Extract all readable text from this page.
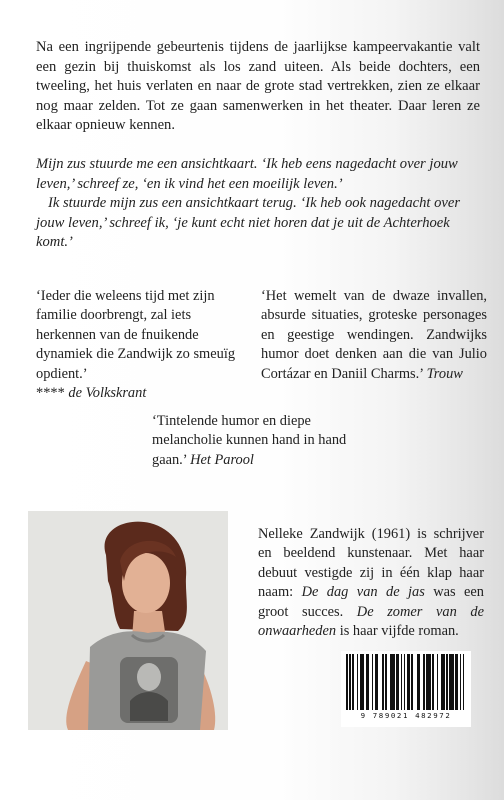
Na een ingrijpende gebeurtenis tijdens de jaarlijkse kampeervakantie valt een gezin bij thuiskomst als los zand uiteen. Als beide dochters, een tweeling, het huis verlaten en naar de grote stad vertrekken, zien ze elkaar nog maar zelden. Tot ze gaan samenwerken in het theater. Daar leren ze elkaar opnieuw kennen.

Mijn zus stuurde me een ansichtkaart. ‘Ik heb eens nagedacht over jouw leven,’ schreef ze, ‘en ik vind het een moeilijk leven.’

Ik stuurde mijn zus een ansichtkaart terug. ‘Ik heb ook nagedacht over jouw leven,’ schreef ik, ‘je kunt echt niet horen dat je uit de Achterhoek komt.’

‘Ieder die weleens tijd met zijn familie doorbrengt, zal iets herkennen van de fnuikende dynamiek die Zandwijk zo smeuïg opdient.’
**** de Volkskrant

‘Het wemelt van de dwaze invallen, absurde situaties, groteske personages en geestige wendingen. Zandwijks humor doet denken aan die van Julio Cortázar en Daniil Charms.’ Trouw

‘Tintelende humor en diepe melancholie kunnen hand in hand gaan.’ Het Parool

Nelleke Zandwijk (1961) is schrijver en beeldend kunstenaar. Met haar debuut vestigde zij in één klap haar naam: De dag van de jas was een groot succes. De zomer van de onwaarheden is haar vijfde roman.

9 789021 482972
